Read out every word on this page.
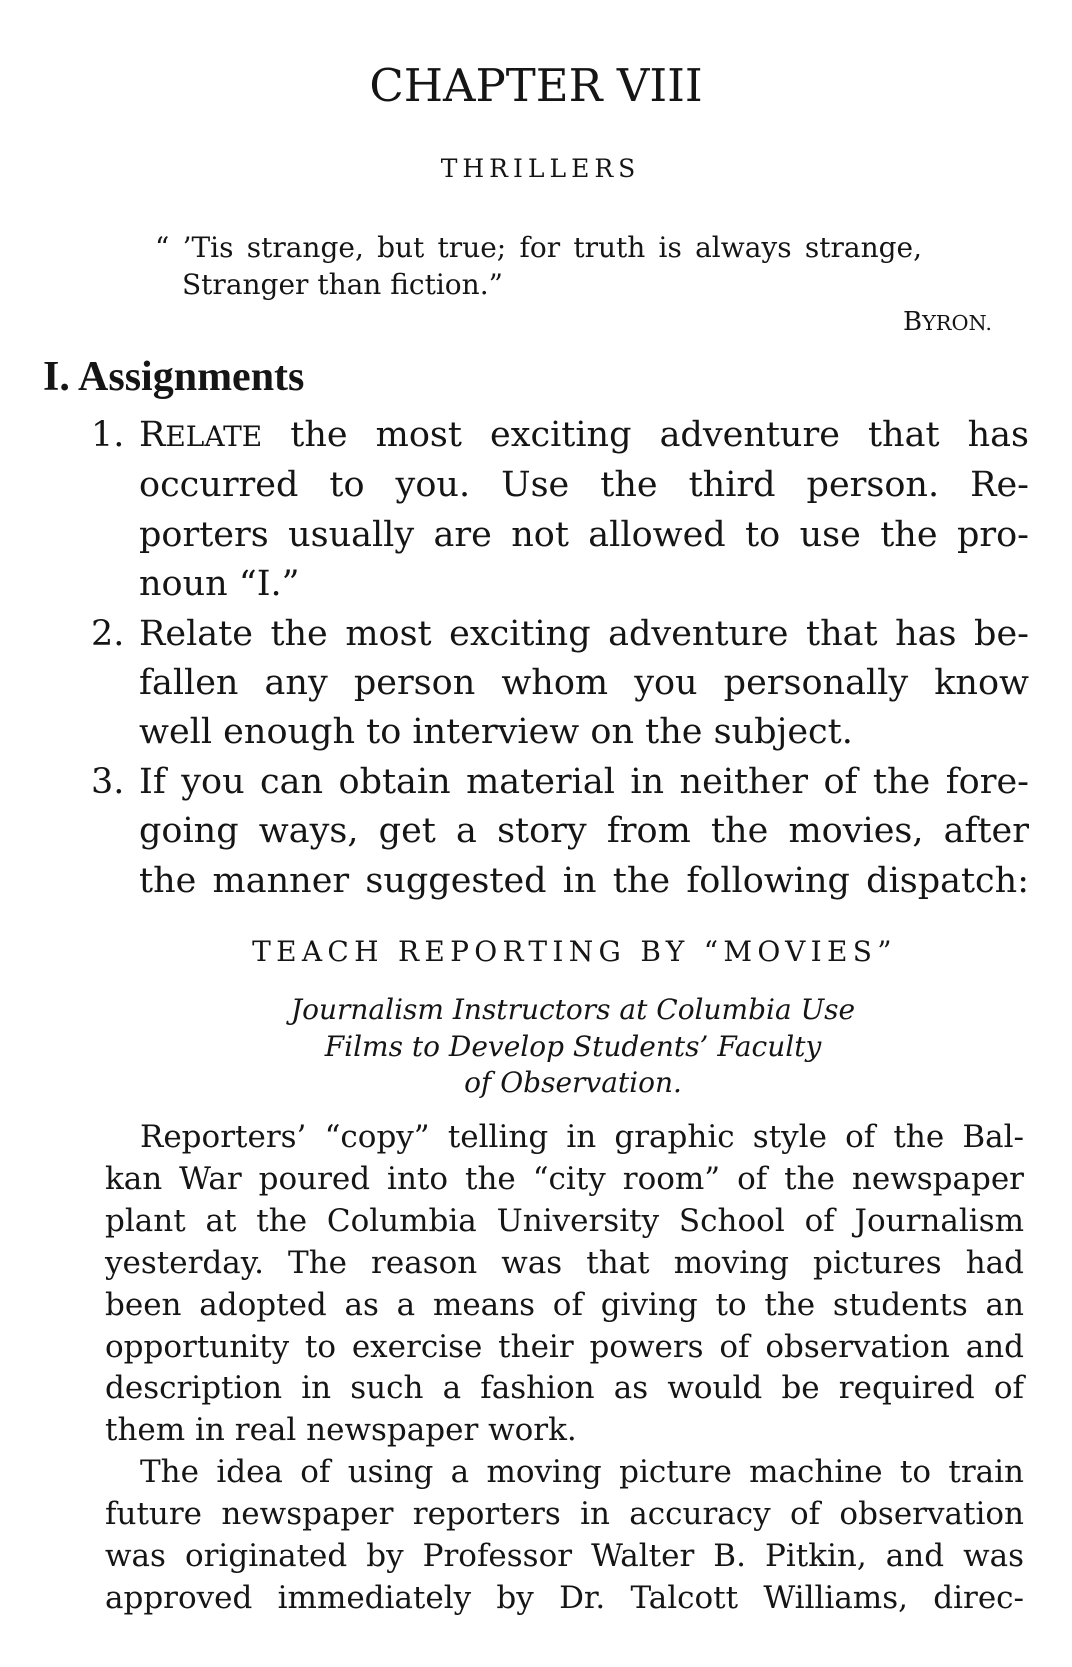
CHAPTER VIII
THRILLERS
“ ’Tis strange, but true; for truth is always strange,
Stranger than fiction.”
BYRON.
I. Assignments
1. RELATE the most exciting adventure that has
occurred to you. Use the third person. Re-
porters usually are not allowed to use the pro-
noun “I.”
2. Relate the most exciting adventure that has be-
fallen any person whom you personally know
well enough to interview on the subject.
3. If you can obtain material in neither of the fore-
going ways, get a story from the movies, after
the manner suggested in the following dispatch:
TEACH REPORTING BY “MOVIES”
Journalism Instructors at Columbia Use
Films to Develop Students’ Faculty
of Observation.
Reporters’ “copy” telling in graphic style of the Bal-
kan War poured into the “city room” of the newspaper
plant at the Columbia University School of Journalism
yesterday. The reason was that moving pictures had
been adopted as a means of giving to the students an
opportunity to exercise their powers of observation and
description in such a fashion as would be required of
them in real newspaper work.
The idea of using a moving picture machine to train
future newspaper reporters in accuracy of observation
was originated by Professor Walter B. Pitkin, and was
approved immediately by Dr. Talcott Williams, direc-
